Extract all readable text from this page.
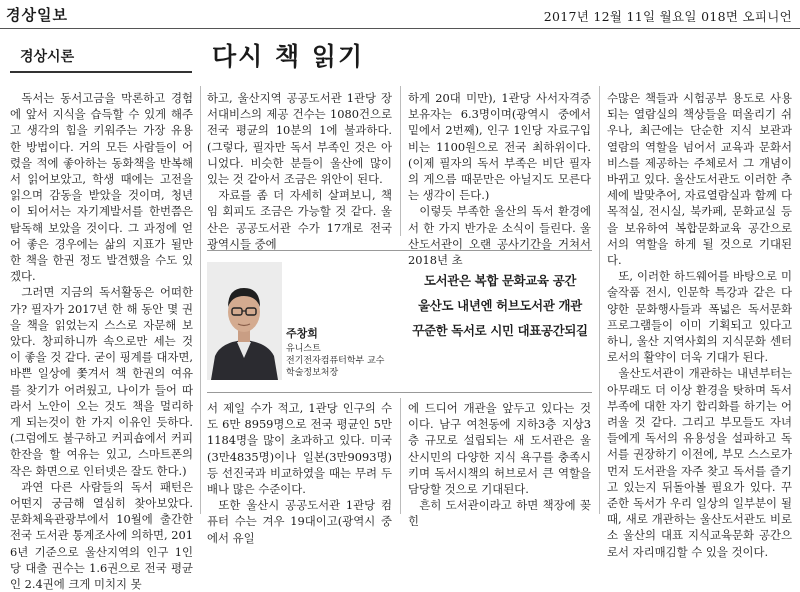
경상일보	2017년 12월 11일 월요일 018면 오피니언
경상시론	다시 책 읽기

독서는 동서고금을 막론하고 경험에 앞서 지식을 습득할 수 있게 해주고 생각의 힘을 키워주는 가장 유용한 방법이다. 거의 모든 사람들이 어렸을 적에 좋아하는 동화책을 반복해서 읽어보았고, 학생 때에는 고전을 읽으며 감동을 받았을 것이며, 청년이 되어서는 자기계발서를 한번쯤은 탐독해 보았을 것이다. 그 과정에 얻어 좋은 경우에는 삶의 지표가 될만한 책을 한권 정도 발견했을 수도 있겠다.

그러면 지금의 독서활동은 어떠한가? 필자가 2017년 한 해 동안 몇 권을 책을 읽었는지 스스로 자문해 보았다. 창피하니까 속으로만 세는 것이 좋을 것 같다. 굳이 핑계를 대자면, 바쁜 일상에 쫓겨서 책 한권의 여유를 찾기가 어려웠고, 나이가 들어 따라서 노안이 오는 것도 책을 멀리하게 되는것이 한 가지 이유인 듯하다. (그럼에도 불구하고 커피숍에서 커피 한잔을 할 여유는 있고, 스마트폰의 작은 화면으로 인터넷은 잘도 한다.)

과연 다른 사람들의 독서 패턴은 어떤지 궁금해 열심히 찾아보았다. 문화체육관광부에서 10월에 출간한 전국 도서관 통계조사에 의하면, 2016년 기준으로 울산지역의 인구 1인당 대출 권수는 1.6권으로 전국 평균인 2.4권에 크게 미치지 못

하고, 울산지역 공공도서관 1관당 장서대비스의 제공 건수는 1080건으로 전국 평균의 10분의 1에 불과하다. (그렇다, 필자만 독서 부족인 것은 아니었다. 비슷한 분들이 울산에 많이 있는 것 같아서 조금은 위안이 된다.

자료를 좀 더 자세히 살펴보니, 책임 회피도 조금은 가능할 것 같다. 울산은 공공도서관 수가 17개로 전국 광역시들 중에

하게 20대 미만), 1관당 사서자격증 보유자는 6.3명이며(광역시 중에서 밑에서 2번째), 인구 1인당 자료구입비는 1100원으로 전국 최하위이다. (이제 필자의 독서 부족은 비단 필자의 게으름 때문만은 아닐지도 모른다는 생각이 든다.)

이렇듯 부족한 울산의 독서 환경에서 한 가지 반가운 소식이 들린다. 울산도서관이 오랜 공사기간을 거쳐서 2018년 초

주창희
유니스트
전기전자컴퓨터학부 교수
학술정보처장
도서관은 복합 문화교육 공간
울산도 내년엔 허브도서관 개관
꾸준한 독서로 시민 대표공간되길

서 제일 수가 적고, 1관당 인구의 수도 6만 8959명으로 전국 평균인 5만1184명을 많이 초과하고 있다. 미국(3만4835명)이나 일본(3만9093명) 등 선진국과 비교하였을 때는 무려 두 배나 많은 수준이다.

또한 울산시 공공도서관 1관당 컴퓨터 수는 겨우 19대이고(광역시 중에서 유일

에 드디어 개관을 앞두고 있다는 것이다. 남구 여천동에 지하3층 지상3층 규모로 설립되는 새 도서관은 울산시민의 다양한 지식 욕구를 충족시키며 독서시책의 허브로서 큰 역할을 담당할 것으로 기대된다.

흔히 도서관이라고 하면 책장에 꽂힌

수많은 책들과 시험공부 용도로 사용되는 열람실의 책상들을 떠올리기 쉬우나, 최근에는 단순한 지식 보관과 열람의 역할을 넘어서 교육과 문화서비스를 제공하는 주체로서 그 개념이 바뀌고 있다. 울산도서관도 이러한 추세에 발맞추어, 자료열람실과 함께 다목적실, 전시실, 북카페, 문화교실 등을 보유하여 복합문화교육 공간으로서의 역할을 하게 될 것으로 기대된다.

또, 이러한 하드웨어를 바탕으로 미술작품 전시, 인문학 특강과 같은 다양한 문화행사들과 폭넓은 독서문화 프로그램들이 이미 기획되고 있다고 하니, 울산 지역사회의 지식문화 센터로서의 활약이 더욱 기대가 된다.

울산도서관이 개관하는 내년부터는 아무래도 더 이상 환경을 탓하며 독서 부족에 대한 자기 합리화를 하기는 어려울 것 같다. 그리고 부모들도 자녀들에게 독서의 유용성을 설파하고 독서를 권장하기 이전에, 부모 스스로가 먼저 도서관을 자주 찾고 독서를 즐기고 있는지 뒤돌아볼 필요가 있다. 꾸준한 독서가 우리 일상의 일부분이 될 때, 새로 개관하는 울산도서관도 비로소 울산의 대표 지식교육문화 공간으로서 자리매김할 수 있을 것이다.
